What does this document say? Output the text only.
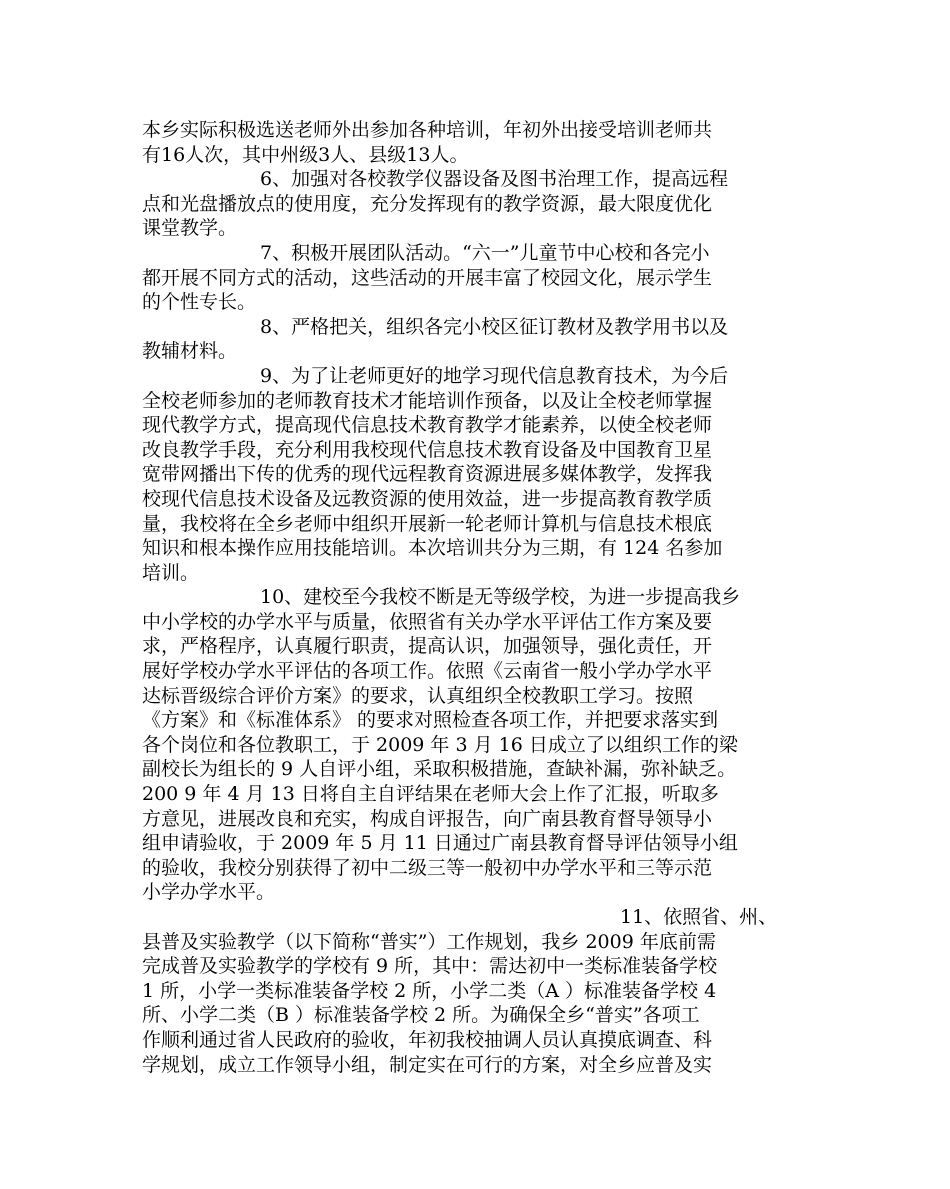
本乡实际积极选送老师外出参加各种培训，年初外出接受培训老师共
有16人次，其中州级3人、县级13人。
6、加强对各校教学仪器设备及图书治理工作，提高远程
点和光盘播放点的使用度，充分发挥现有的教学资源，最大限度优化
课堂教学。
7、积极开展团队活动。“六一”儿童节中心校和各完小
都开展不同方式的活动，这些活动的开展丰富了校园文化，展示学生
的个性专长。
8、严格把关，组织各完小校区征订教材及教学用书以及
教辅材料。
9、为了让老师更好的地学习现代信息教育技术，为今后
全校老师参加的老师教育技术才能培训作预备，以及让全校老师掌握
现代教学方式，提高现代信息技术教育教学才能素养，以使全校老师
改良教学手段，充分利用我校现代信息技术教育设备及中国教育卫星
宽带网播出下传的优秀的现代远程教育资源进展多媒体教学，发挥我
校现代信息技术设备及远教资源的使用效益，进一步提高教育教学质
量，我校将在全乡老师中组织开展新一轮老师计算机与信息技术根底
知识和根本操作应用技能培训。本次培训共分为三期，有 124 名参加
培训。
10、建校至今我校不断是无等级学校，为进一步提高我乡
中小学校的办学水平与质量，依照省有关办学水平评估工作方案及要
求，严格程序，认真履行职责，提高认识，加强领导，强化责任，开
展好学校办学水平评估的各项工作。依照《云南省一般小学办学水平
达标晋级综合评价方案》的要求，认真组织全校教职工学习。按照
《方案》和《标准体系》 的要求对照检查各项工作，并把要求落实到
各个岗位和各位教职工，于 2009 年 3 月 16 日成立了以组织工作的梁
副校长为组长的 9 人自评小组，采取积极措施，查缺补漏，弥补缺乏。
200 9 年 4 月 13 日将自主自评结果在老师大会上作了汇报，听取多
方意见，进展改良和充实，构成自评报告，向广南县教育督导领导小
组申请验收，于 2009 年 5 月 11 日通过广南县教育督导评估领导小组
的验收，我校分别获得了初中二级三等一般初中办学水平和三等示范
小学办学水平。
11、依照省、州、
县普及实验教学（以下简称“普实”）工作规划，我乡 2009 年底前需
完成普及实验教学的学校有 9 所，其中：需达初中一类标准装备学校
1 所，小学一类标准装备学校 2 所，小学二类（A ）标准装备学校 4
所、小学二类（B ）标准装备学校 2 所。为确保全乡“普实”各项工
作顺利通过省人民政府的验收，年初我校抽调人员认真摸底调查、科
学规划，成立工作领导小组，制定实在可行的方案，对全乡应普及实
